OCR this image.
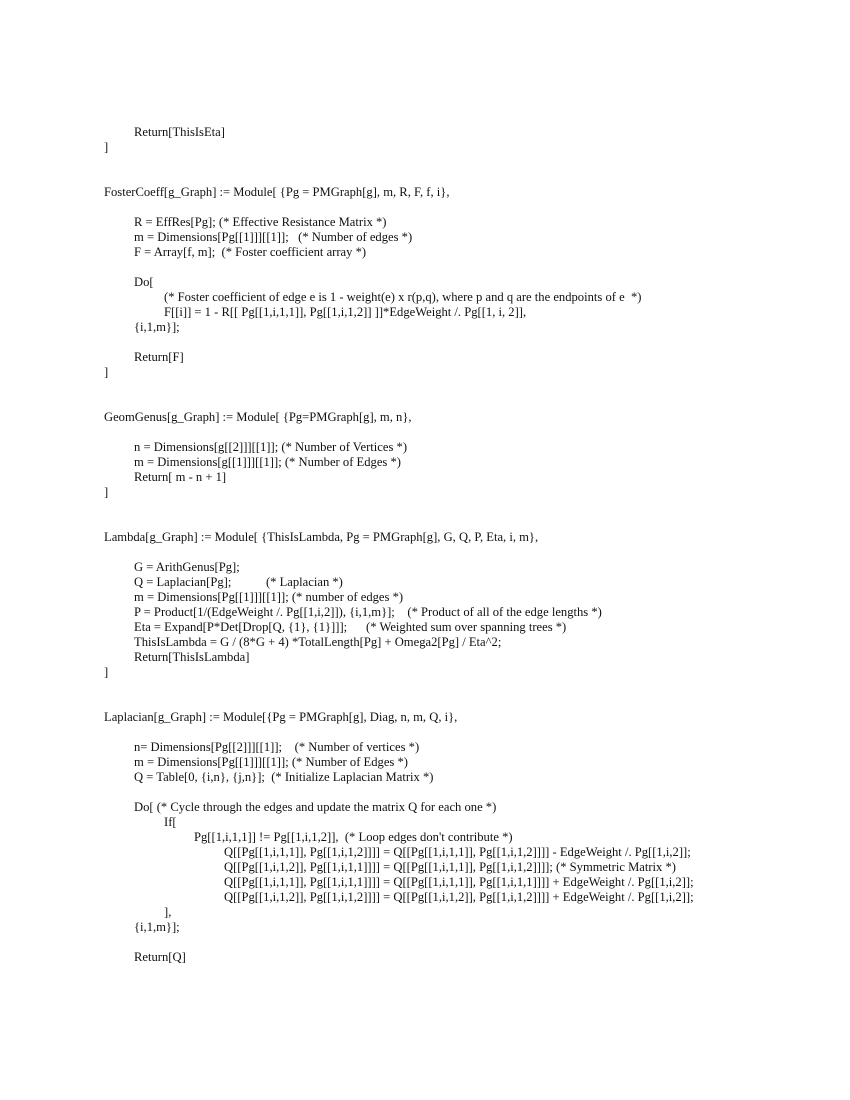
Return[ThisIsEta]
]
FosterCoeff[g_Graph] := Module[ {Pg = PMGraph[g], m, R, F, f, i},
R = EffRes[Pg]; (* Effective Resistance Matrix *)
m = Dimensions[Pg[[1]]][[1]];   (* Number of edges *)
F = Array[f, m];  (* Foster coefficient array *)
Do[
(* Foster coefficient of edge e is 1 - weight(e) x r(p,q), where p and q are the endpoints of e  *)
F[[i]] = 1 - R[[ Pg[[1,i,1,1]], Pg[[1,i,1,2]] ]]*EdgeWeight /. Pg[[1, i, 2]],
{i,1,m}];
Return[F]
]
GeomGenus[g_Graph] := Module[ {Pg=PMGraph[g], m, n},
n = Dimensions[g[[2]]][[1]]; (* Number of Vertices *)
m = Dimensions[g[[1]]][[1]]; (* Number of Edges *)
Return[ m - n + 1]
]
Lambda[g_Graph] := Module[ {ThisIsLambda, Pg = PMGraph[g], G, Q, P, Eta, i, m},
G = ArithGenus[Pg];
Q = Laplacian[Pg];           (* Laplacian *)
m = Dimensions[Pg[[1]]][[1]]; (* number of edges *)
P = Product[1/(EdgeWeight /. Pg[[1,i,2]]), {i,1,m}];    (* Product of all of the edge lengths *)
Eta = Expand[P*Det[Drop[Q, {1}, {1}]]];      (* Weighted sum over spanning trees *)
ThisIsLambda = G / (8*G + 4) *TotalLength[Pg] + Omega2[Pg] / Eta^2;
Return[ThisIsLambda]
]
Laplacian[g_Graph] := Module[{Pg = PMGraph[g], Diag, n, m, Q, i},
n= Dimensions[Pg[[2]]][[1]];    (* Number of vertices *)
m = Dimensions[Pg[[1]]][[1]]; (* Number of Edges *)
Q = Table[0, {i,n}, {j,n}];  (* Initialize Laplacian Matrix *)
Do[ (* Cycle through the edges and update the matrix Q for each one *)
If[
Pg[[1,i,1,1]] != Pg[[1,i,1,2]],  (* Loop edges don't contribute *)
Q[[Pg[[1,i,1,1]], Pg[[1,i,1,2]]]] = Q[[Pg[[1,i,1,1]], Pg[[1,i,1,2]]]] - EdgeWeight /. Pg[[1,i,2]];
Q[[Pg[[1,i,1,2]], Pg[[1,i,1,1]]]] = Q[[Pg[[1,i,1,1]], Pg[[1,i,1,2]]]]; (* Symmetric Matrix *)
Q[[Pg[[1,i,1,1]], Pg[[1,i,1,1]]]] = Q[[Pg[[1,i,1,1]], Pg[[1,i,1,1]]]] + EdgeWeight /. Pg[[1,i,2]];
Q[[Pg[[1,i,1,2]], Pg[[1,i,1,2]]]] = Q[[Pg[[1,i,1,2]], Pg[[1,i,1,2]]]] + EdgeWeight /. Pg[[1,i,2]];
],
{i,1,m}];
Return[Q]
